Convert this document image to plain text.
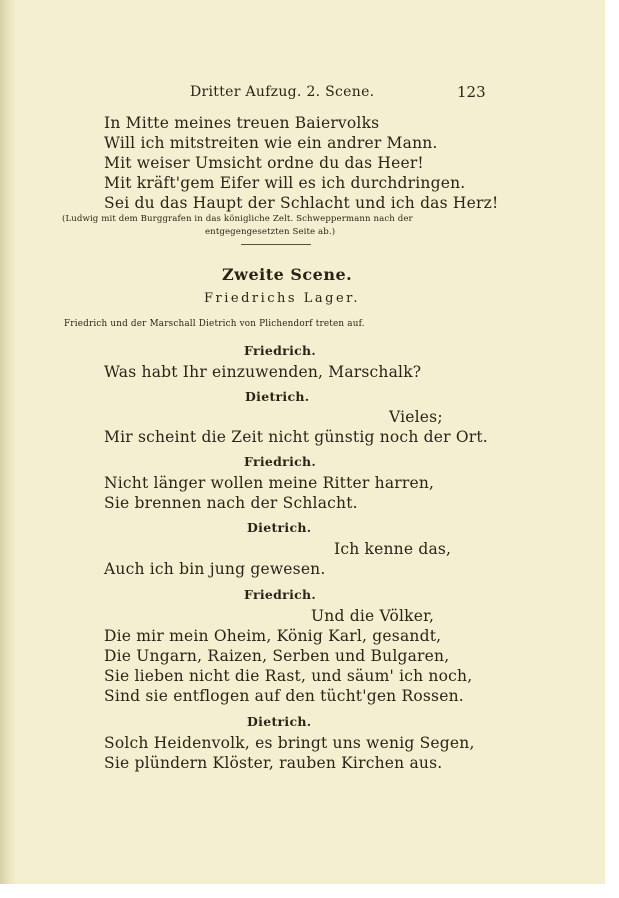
Dritter Aufzug. 2. Scene.	123
In Mitte meines treuen Baiervolks
Will ich mitstreiten wie ein andrer Mann.
Mit weiser Umsicht ordne du das Heer!
Mit kräft'gem Eifer will es ich durchdringen.
Sei du das Haupt der Schlacht und ich das Herz!
(Ludwig mit dem Burggrafen in das königliche Zelt. Schweppermann nach der
entgegengesetzten Seite ab.)
Zweite Scene.
Friedrichs Lager.
Friedrich und der Marschall Dietrich von Plichendorf treten auf.
Friedrich.
Was habt Ihr einzuwenden, Marschalk?
Dietrich.
Vieles;
Mir scheint die Zeit nicht günstig noch der Ort.
Friedrich.
Nicht länger wollen meine Ritter harren,
Sie brennen nach der Schlacht.
Dietrich.
Ich kenne das,
Auch ich bin jung gewesen.
Friedrich.
Und die Völker,
Die mir mein Oheim, König Karl, gesandt,
Die Ungarn, Raizen, Serben und Bulgaren,
Sie lieben nicht die Rast, und säum' ich noch,
Sind sie entflogen auf den tücht'gen Rossen.
Dietrich.
Solch Heidenvolk, es bringt uns wenig Segen,
Sie plündern Klöster, rauben Kirchen aus.
